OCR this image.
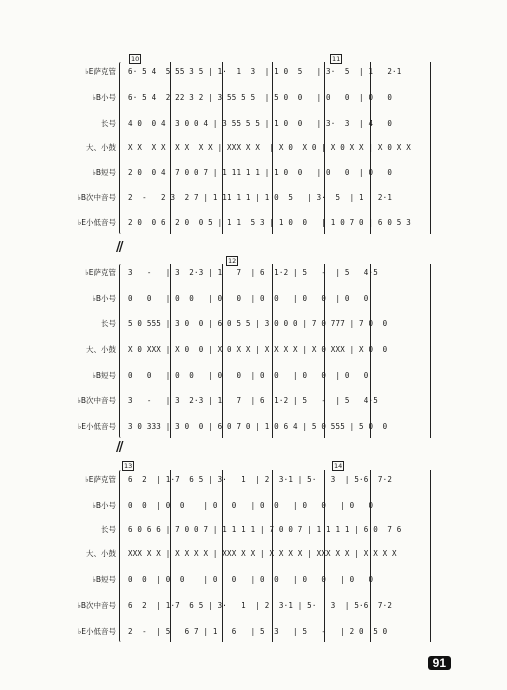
10	11
♭E萨克管 6· 5 4  5 55 3 5 | 1·  1  3  | 1 0  5   | 3·  5  | 1   2·1
♭B小号 6· 5 4  2 22 3 2 | 3 55 5 5  | 5 0  0   | 0   0  | 0   0
长号 4 0  0 4  3 0 0 4 | 3 55 5 5 | 1 0  0   | 3·  3  | 4   0
大、小鼓 X X  X X  X X  X X | XXX X X  | X 0  X 0 | X 0 X X | X 0 X X
♭B短号 2 0  0 4  7 0 0 7 | 1 11 1 1 | 1 0  0   | 0   0  | 0   0
♭B次中音号 2  -   2 3  2 7 | 1 11 1 1 | 1 0  5   | 3·  5  | 1   2·1
♭E小低音号 2 0  0 6  2 0  0 5 | 1 1  5 3 | 1 0  0   | 1 0 7 0 | 6 0 5 3
//
12
♭E萨克管 3   -   | 3  2·3 | 1   7  | 6  1·2 | 5   -  | 5   4·5
♭B小号 0   0   | 0  0   | 0   0  | 0  0   | 0   0  | 0   0
长号 5 0 555 | 3 0  0 | 6 0 5 5 | 3 0 0 0 | 7 0 777 | 7 0  0
大、小鼓 X 0 XXX | X 0  0 | X 0 X X | X X X X | X 0 XXX | X 0  0
♭B短号 0   0   | 0  0   | 0   0  | 0  0   | 0   0  | 0   0
♭B次中音号 3   -   | 3  2·3 | 1   7  | 6  1·2 | 5   -  | 5   4·5
♭E小低音号 3 0 333 | 3 0  0 | 6 0 7 0 | 1 0 6 4 | 5 0 555 | 5 0  0
//
13	14
♭E萨克管 6  2  | 1·7  6 5 | 3·   1  | 2  3·1 | 5·   3  | 5·6  7·2
♭B小号 0  0  | 0  0    | 0   0   | 0  0   | 0   0   | 0   0
长号 6 0 6 6 | 7 0 0 7 | 1 1 1 1 | 7 0 0 7 | 1 1 1 1 | 6 0  7 6
大、小鼓 XXX X X | X X X X | XXX X X | X X X X | XXX X X | X X X X
♭B短号 0  0  | 0  0    | 0   0   | 0  0   | 0   0   | 0   0
♭B次中音号 6  2  | 1·7  6 5 | 3·   1  | 2  3·1 | 5·   3  | 5·6  7·2
♭E小低音号 2  -  | 5   6 7 | 1   6   | 5  3   | 5   -   | 2 0  5 0
91
